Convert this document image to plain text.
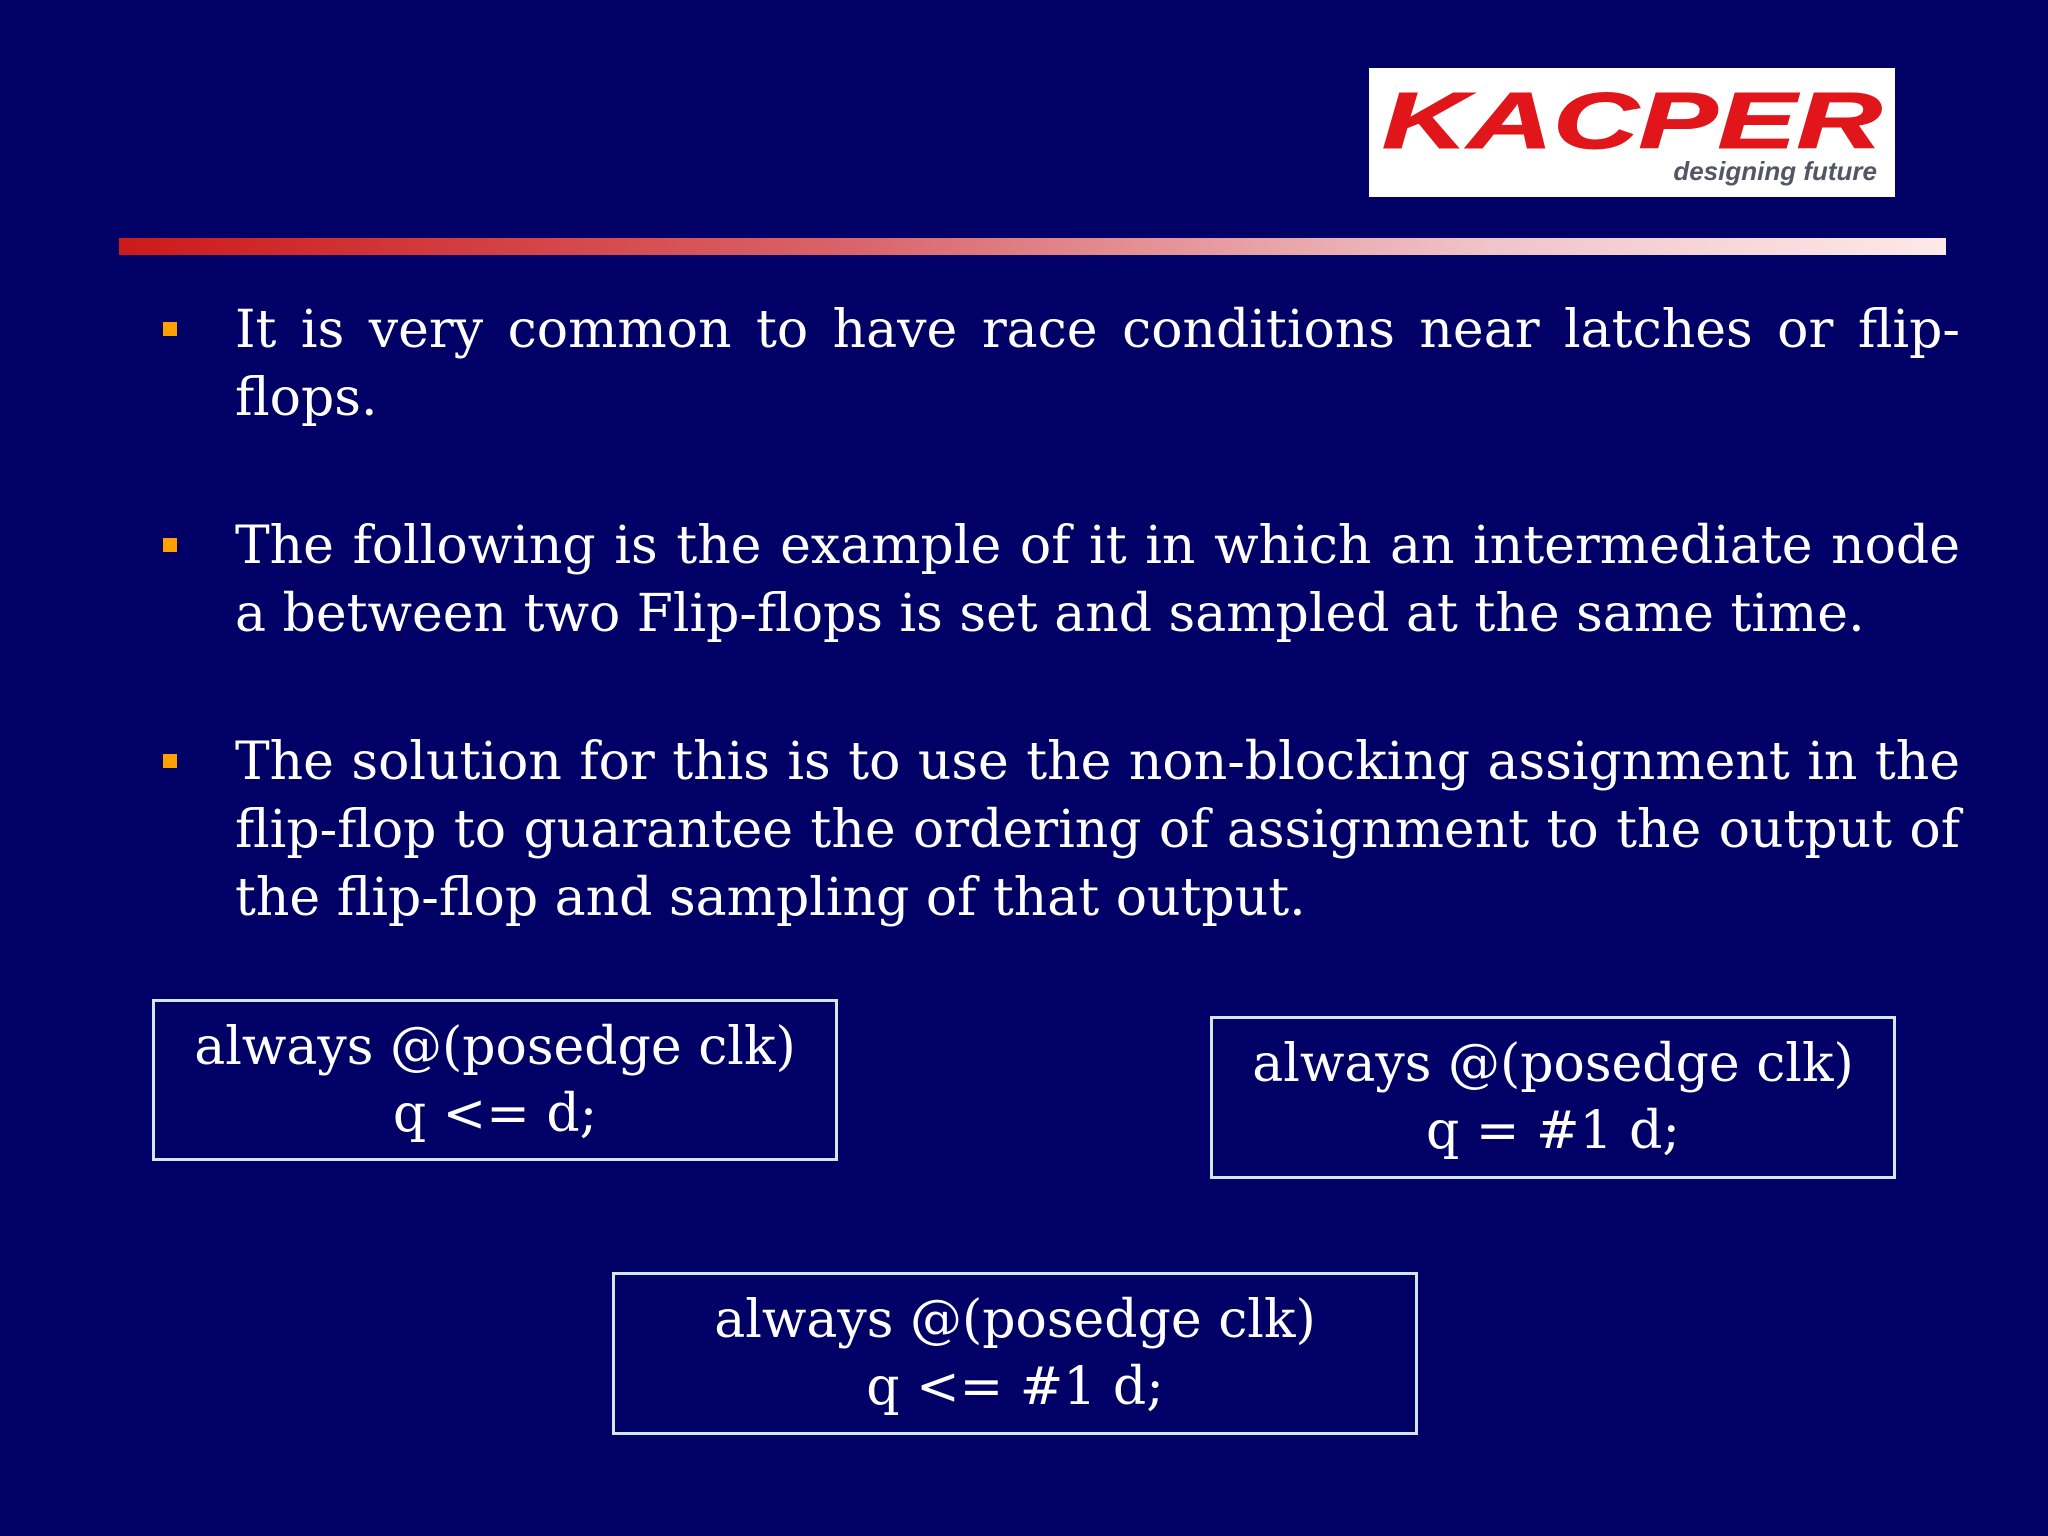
KACPER
designing future
It is very common to have race conditions near latches or flip-flops.
The following is the example of it in which an intermediate node a between two Flip-flops is set and sampled at the same time.
The solution for this is to use the non-blocking assignment in the flip-flop to guarantee the ordering of assignment to the output of the flip-flop and sampling of that output.
always @(posedge clk)
q <= d;
always @(posedge clk)
q = #1 d;
always @(posedge clk)
q <= #1 d;
